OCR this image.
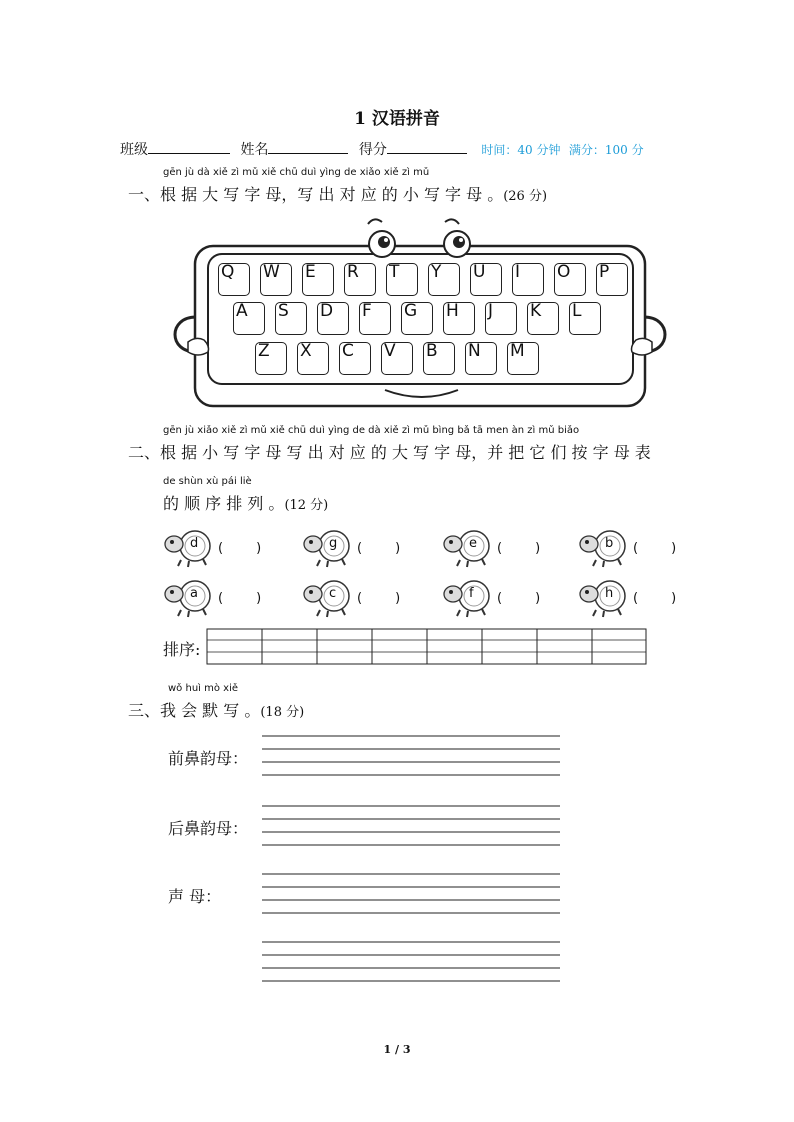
1 汉语拼音
班级	姓名	得分	时间：40 分钟 满分：100 分
gēn jù dà xiě zì mǔ xiě chū duì yìng de xiǎo xiě zì mǔ
一、根 据 大 写 字 母，写 出 对 应 的 小 写 字 母 。(26 分)
Q	W	E	R	T	Y	U	I	O	P
A	S	D	F	G	H	J	K	L
Z	X	C	V	B	N	M
gēn jù xiǎo xiě zì mǔ xiě chū duì yìng de dà xiě zì mǔ bìng bǎ tā men àn zì mǔ biǎo
二、根 据 小 写 字 母 写 出 对 应 的 大 写 字 母，并 把 它 们 按 字 母 表
de shùn xù pái liè
的 顺 序 排 列 。(12 分)
d (        )	g (        )	e (        )	b (        )
a (        )	c (        )	f (        )	h (        )
排序:
wǒ huì mò xiě
三、我 会 默 写 。(18 分)
前鼻韵母：
后鼻韵母：
声 母：
1 / 3
